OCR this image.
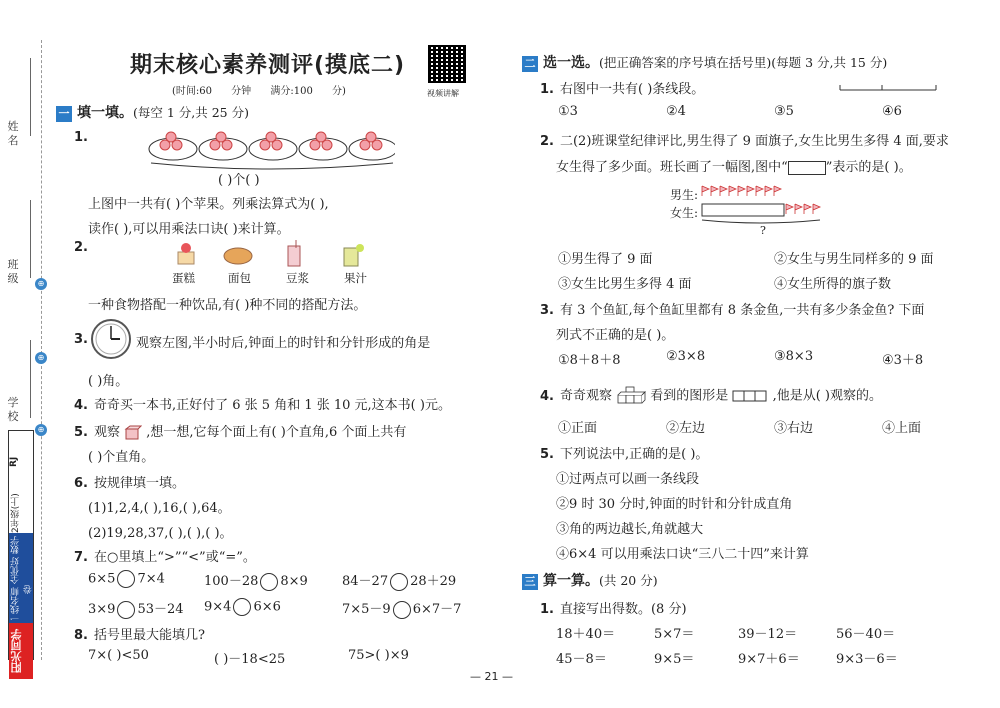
姓名
班级
学校
⊕
⊕
⊕
RJ
2年级(上)
数学
一线名师 全优好卷
阳光同学
期末核心素养测评(摸底二)
(时间:60 分钟 满分:100 分)	视频讲解
一 填一填。(每空 1 分,共 25 分)
1.
( )个( )
上图中一共有( )个苹果。列乘法算式为( ),
读作( ),可以用乘法口诀( )来计算。
2.
蛋糕	面包	豆浆	果汁
一种食物搭配一种饮品,有( )种不同的搭配方法。
3.	观察左图,半小时后,钟面上的时针和分针形成的角是
( )角。
4. 奇奇买一本书,正好付了 6 张 5 角和 1 张 10 元,这本书( )元。
5. 观察 ,想一想,它每个面上有( )个直角,6 个面上共有
( )个直角。
6. 按规律填一填。
(1)1,2,4,( ),16,( ),64。
(2)19,28,37,( ),( ),( )。
7. 在○里填上“>”“<”或“=”。
6×5 7×4	100－28 8×9	84－27 28＋29
3×9 53－24 9×4 6×6	7×5－9 6×7－7
8. 括号里最大能填几?
7×( )<50	( )－18<25	75>( )×9
二 选一选。(把正确答案的序号填在括号里)(每题 3 分,共 15 分)
1. 右图中一共有( )条线段。
①3	②4	③5	④6
2. 二(2)班课堂纪律评比,男生得了 9 面旗子,女生比男生多得 4 面,要求
女生得了多少面。班长画了一幅图,图中“	”表示的是( )。
男生:
女生:
?
①男生得了 9 面	②女生与男生同样多的 9 面
③女生比男生多得 4 面	④女生所得的旗子数
3. 有 3 个鱼缸,每个鱼缸里都有 8 条金鱼,一共有多少条金鱼? 下面
列式不正确的是( )。
①8＋8＋8	②3×8	③8×3	④3＋8
4. 奇奇观察	看到的图形是	,他是从( )观察的。
①正面	②左边	③右边	④上面
5. 下列说法中,正确的是( )。
①过两点可以画一条线段
②9 时 30 分时,钟面的时针和分针成直角
③角的两边越长,角就越大
④6×4 可以用乘法口诀“三八二十四”来计算
三 算一算。(共 20 分)
1. 直接写出得数。(8 分)
18＋40＝	5×7＝	39－12＝	56－40＝
45－8＝	9×5＝	9×7＋6＝	9×3－6＝
— 21 —
